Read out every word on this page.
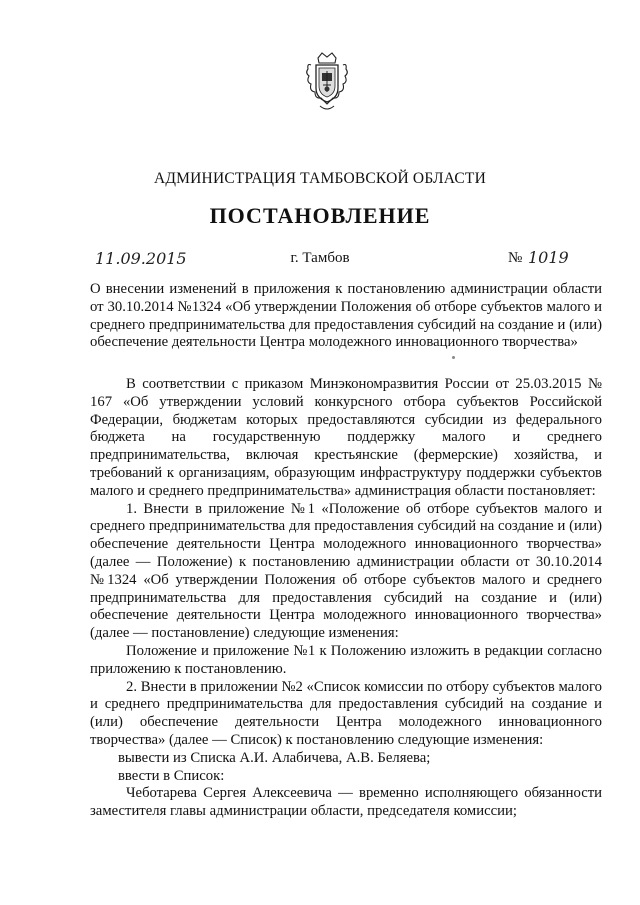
АДМИНИСТРАЦИЯ ТАМБОВСКОЙ ОБЛАСТИ
ПОСТАНОВЛЕНИЕ
11.09.2015	г. Тамбов	№ 1019
О внесении изменений в приложения к постановлению администрации области от 30.10.2014 №1324 «Об утверждении Положения об отборе субъектов малого и среднего предпринимательства для предоставления субсидий на создание и (или) обеспечение деятельности Центра молодежного инновационного творчества»

В соответствии с приказом Минэкономразвития России от 25.03.2015 № 167 «Об утверждении условий конкурсного отбора субъектов Российской Федерации, бюджетам которых предоставляются субсидии из федерального бюджета на государственную поддержку малого и среднего предпринимательства, включая крестьянские (фермерские) хозяйства, и требований к организациям, образующим инфраструктуру поддержки субъектов малого и среднего предпринимательства» администрация области постановляет:

1. Внести в приложение №1 «Положение об отборе субъектов малого и среднего предпринимательства для предоставления субсидий на создание и (или) обеспечение деятельности Центра молодежного инновационного творчества» (далее — Положение) к постановлению администрации области от 30.10.2014 №1324 «Об утверждении Положения об отборе субъектов малого и среднего предпринимательства для предоставления субсидий на создание и (или) обеспечение деятельности Центра молодежного инновационного творчества» (далее — постановление) следующие изменения:

Положение и приложение №1 к Положению изложить в редакции согласно приложению к постановлению.

2. Внести в приложении №2 «Список комиссии по отбору субъектов малого и среднего предпринимательства для предоставления субсидий на создание и (или) обеспечение деятельности Центра молодежного инновационного творчества» (далее — Список) к постановлению следующие изменения:

вывести из Списка А.И. Алабичева, А.В. Беляева;

ввести в Список:

Чеботарева Сергея Алексеевича — временно исполняющего обязанности заместителя главы администрации области, председателя комиссии;
